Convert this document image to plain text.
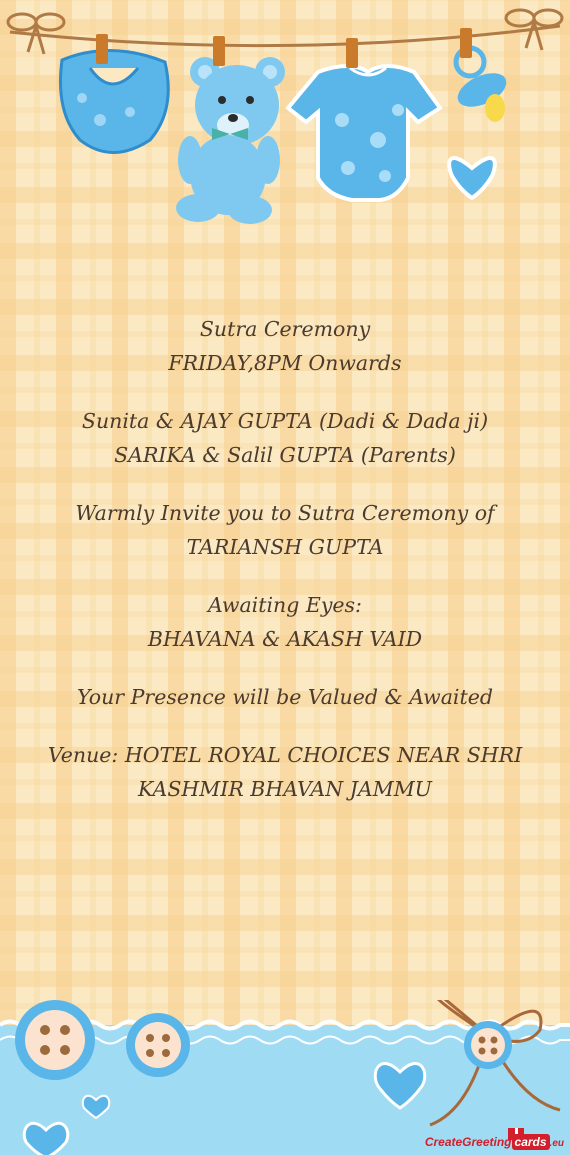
Sutra Ceremony
FRIDAY,8PM Onwards
Sunita & AJAY GUPTA (Dadi & Dada ji)
SARIKA & Salil GUPTA (Parents)
Warmly Invite you to Sutra Ceremony of
TARIANSH GUPTA
Awaiting Eyes:
BHAVANA & AKASH VAID
Your Presence will be Valued & Awaited
Venue: HOTEL ROYAL CHOICES NEAR SHRI
KASHMIR BHAVAN JAMMU
CreateGreeting cards .eu
